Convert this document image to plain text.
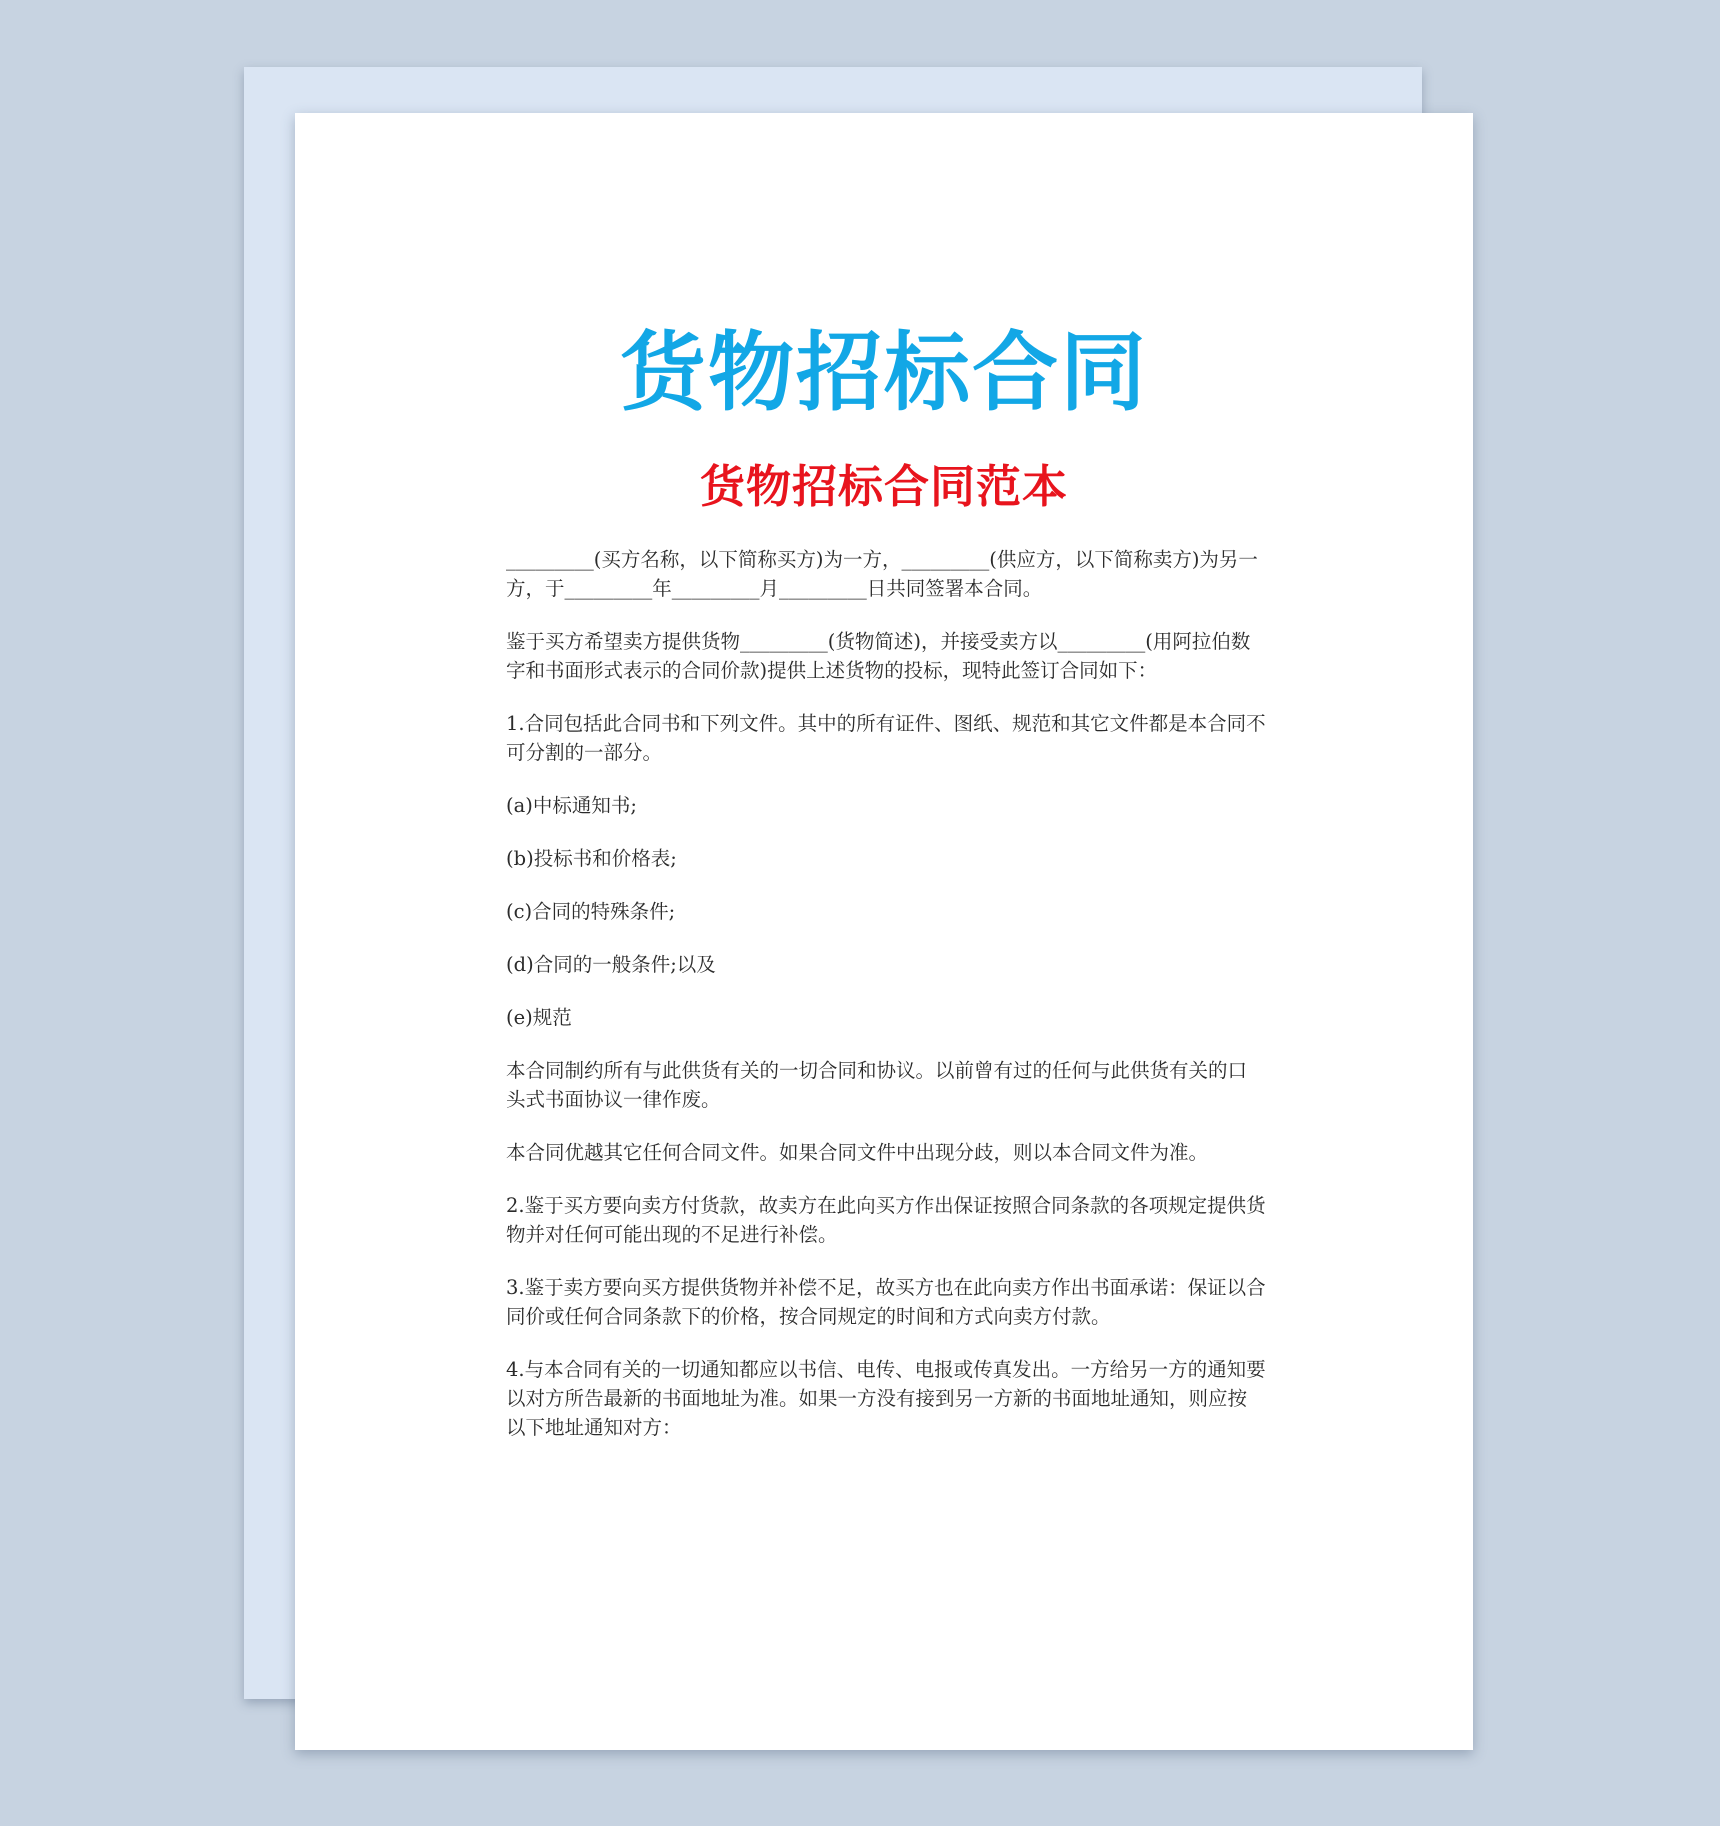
货物招标合同
货物招标合同范本

_________(买方名称，以下简称买方)为一方，_________(供应方，以下简称卖方)为另一方，于_________年_________月_________日共同签署本合同。

鉴于买方希望卖方提供货物_________(货物简述)，并接受卖方以_________(用阿拉伯数字和书面形式表示的合同价款)提供上述货物的投标，现特此签订合同如下：

1.合同包括此合同书和下列文件。其中的所有证件、图纸、规范和其它文件都是本合同不可分割的一部分。

(a)中标通知书;

(b)投标书和价格表;

(c)合同的特殊条件;

(d)合同的一般条件;以及

(e)规范

本合同制约所有与此供货有关的一切合同和协议。以前曾有过的任何与此供货有关的口头式书面协议一律作废。

本合同优越其它任何合同文件。如果合同文件中出现分歧，则以本合同文件为准。

2.鉴于买方要向卖方付货款，故卖方在此向买方作出保证按照合同条款的各项规定提供货物并对任何可能出现的不足进行补偿。

3.鉴于卖方要向买方提供货物并补偿不足，故买方也在此向卖方作出书面承诺：保证以合同价或任何合同条款下的价格，按合同规定的时间和方式向卖方付款。

4.与本合同有关的一切通知都应以书信、电传、电报或传真发出。一方给另一方的通知要以对方所告最新的书面地址为准。如果一方没有接到另一方新的书面地址通知，则应按以下地址通知对方：
